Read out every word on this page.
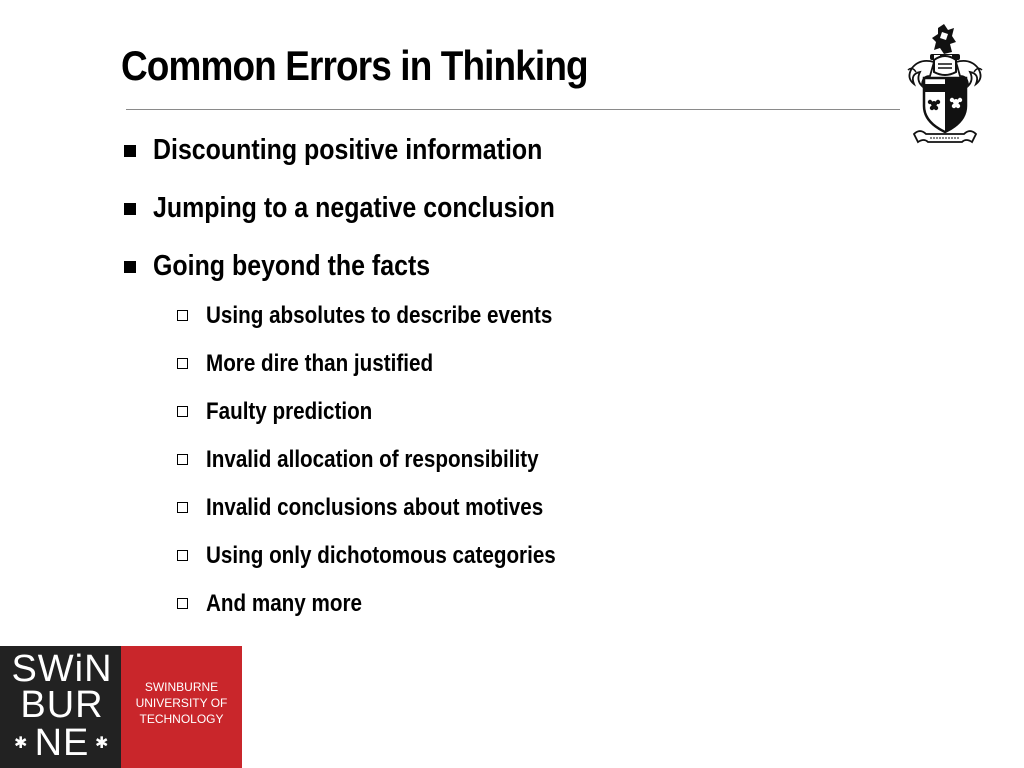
Common Errors in Thinking
Discounting positive information
Jumping to a negative conclusion
Going beyond the facts
Using absolutes to describe events
More dire than justified
Faulty prediction
Invalid allocation of responsibility
Invalid conclusions about motives
Using only dichotomous categories
And many more
SWiN
BUR
NE
✱	✱
SWINBURNE
UNIVERSITY OF
TECHNOLOGY
